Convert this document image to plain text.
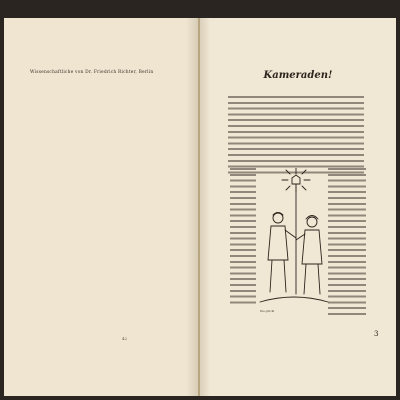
Wissenschaftliche von Dr. Friedrich Richter, Berlin
42
Kameraden!
Die glückl
3
